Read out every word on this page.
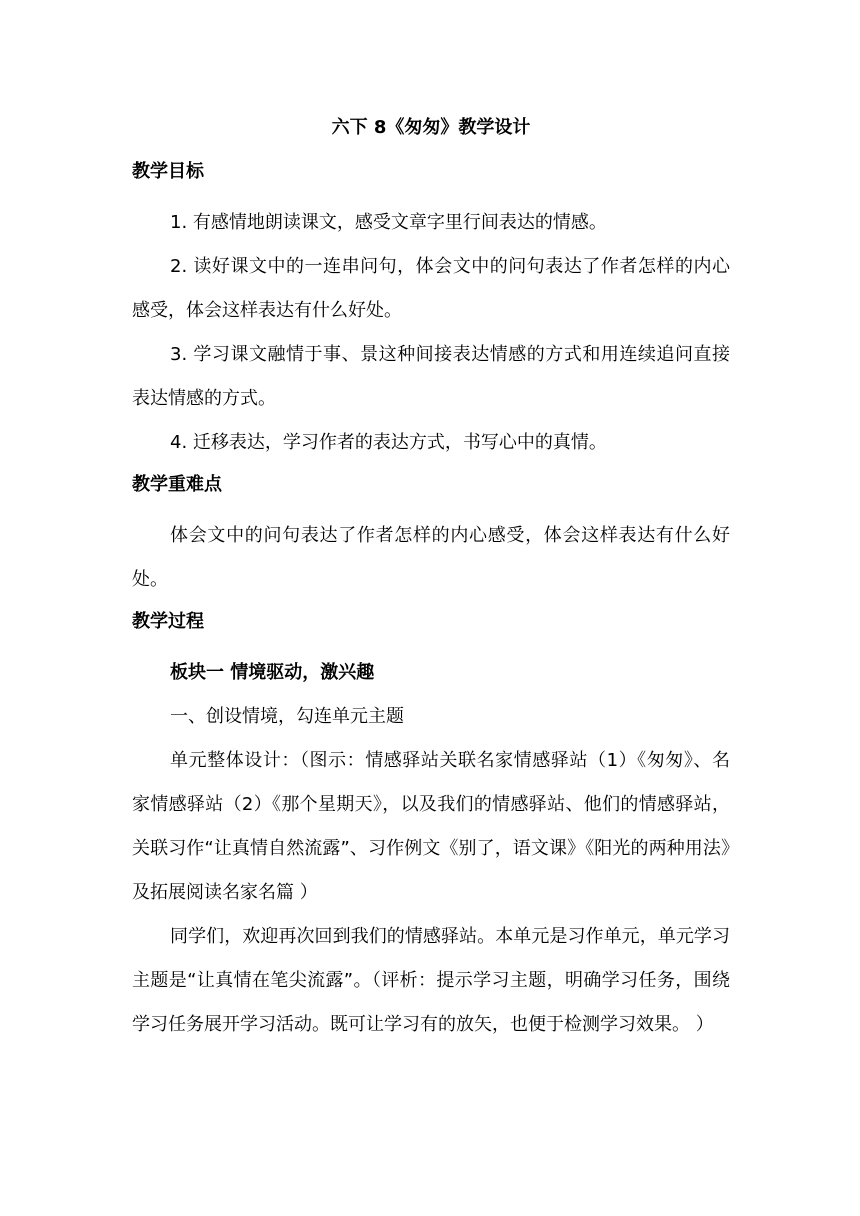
六下 8《匆匆》教学设计
教学目标

1. 有感情地朗读课文，感受文章字里行间表达的情感。

2. 读好课文中的一连串问句，体会文中的问句表达了作者怎样的内心感受，体会这样表达有什么好处。

3. 学习课文融情于事、景这种间接表达情感的方式和用连续追问直接表达情感的方式。

4. 迁移表达，学习作者的表达方式，书写心中的真情。

教学重难点

体会文中的问句表达了作者怎样的内心感受，体会这样表达有什么好处。

教学过程

板块一 情境驱动，激兴趣

一、创设情境，勾连单元主题

单元整体设计：（图示：情感驿站关联名家情感驿站（1）《匆匆》、名家情感驿站（2）《那个星期天》，以及我们的情感驿站、他们的情感驿站，关联习作“让真情自然流露”、习作例文《别了，语文课》《阳光的两种用法》及拓展阅读名家名篇 ）

同学们，欢迎再次回到我们的情感驿站。本单元是习作单元，单元学习主题是“让真情在笔尖流露”。（评析：提示学习主题，明确学习任务，围绕学习任务展开学习活动。既可让学习有的放矢，也便于检测学习效果。 ）
